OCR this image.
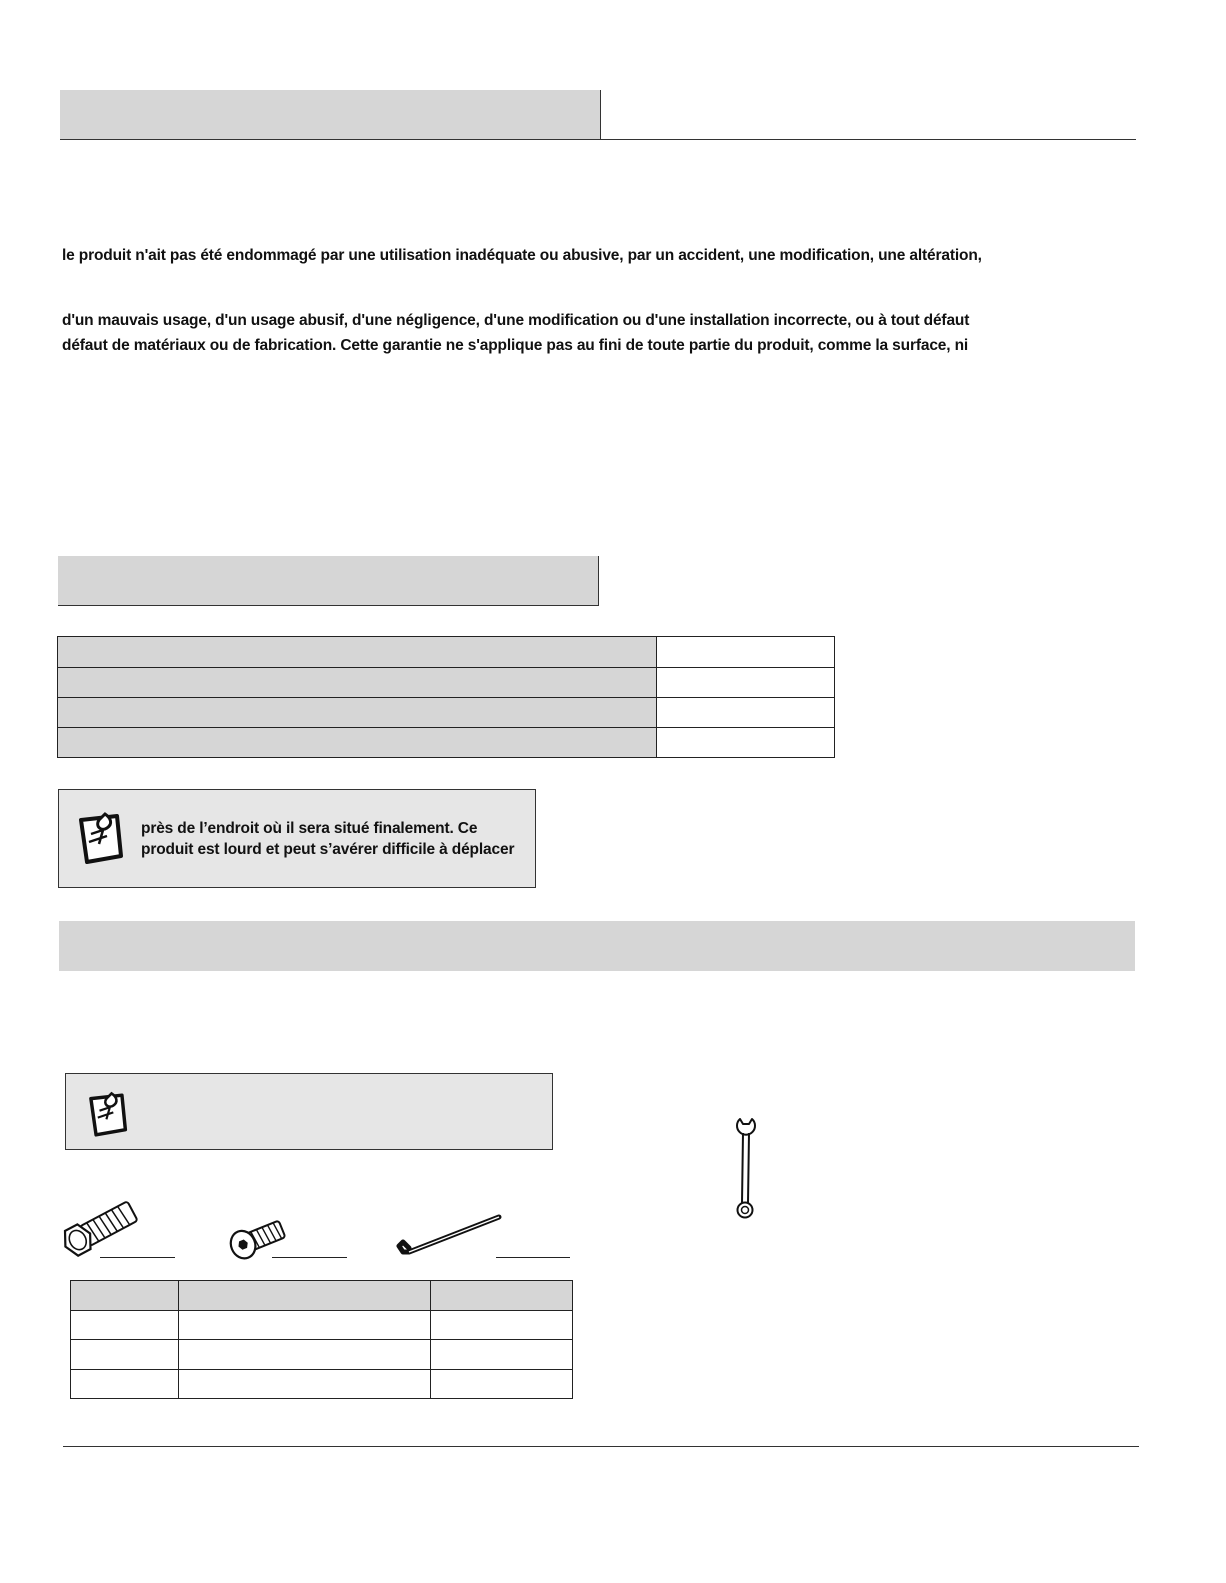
le produit n'ait pas été endommagé par une utilisation inadéquate ou abusive, par un accident, une modification, une altération,
d'un mauvais usage, d'un usage abusif, d'une négligence, d'une modification ou d'une installation incorrecte, ou à tout défaut
défaut de matériaux ou de fabrication. Cette garantie ne s'applique pas au fini de toute partie du produit, comme la surface, ni

près de l’endroit où il sera situé finalement. Ce
produit est lourd et peut s’avérer difficile à déplacer
